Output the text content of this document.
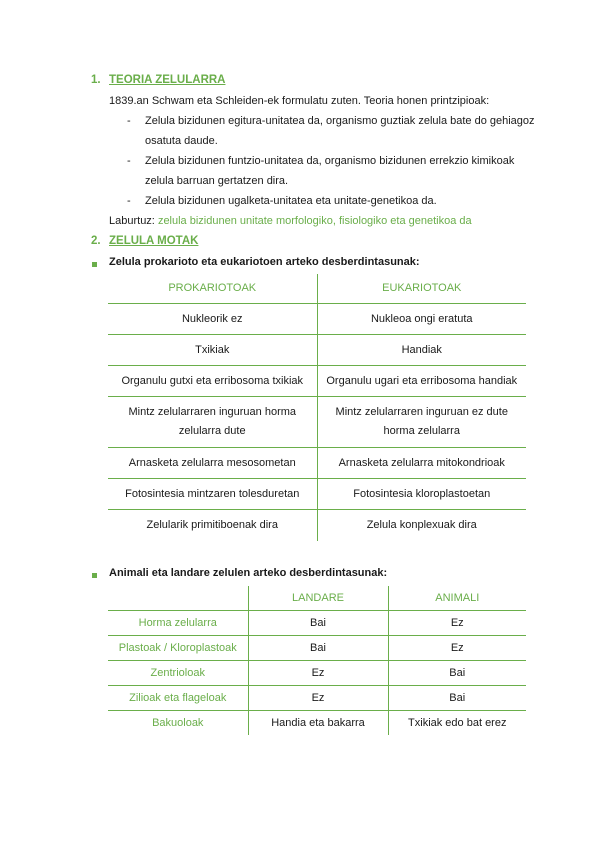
1. TEORIA ZELULARRA
1839.an Schwam eta Schleiden-ek formulatu zuten. Teoria honen printzipioak:
- Zelula bizidunen egitura-unitatea da, organismo guztiak zelula bate do gehiagoz
osatuta daude.
- Zelula bizidunen funtzio-unitatea da, organismo bizidunen errekzio kimikoak
zelula barruan gertatzen dira.
- Zelula bizidunen ugalketa-unitatea eta unitate-genetikoa da.
Laburtuz: zelula bizidunen unitate morfologiko, fisiologiko eta genetikoa da
2. ZELULA MOTAK
Zelula prokarioto eta eukariotoen arteko desberdintasunak:
PROKARIOTOAK	EUKARIOTOAK
Nukleorik ez	Nukleoa ongi eratuta
Txikiak	Handiak
Organulu gutxi eta erribosoma txikiak	Organulu ugari eta erribosoma handiak
Mintz zelularraren inguruan horma zelularra dute	Mintz zelularraren inguruan ez dute horma zelularra
Arnasketa zelularra mesosometan	Arnasketa zelularra mitokondrioak
Fotosintesia mintzaren tolesduretan	Fotosintesia kloroplastoetan
Zelularik primitiboenak dira	Zelula konplexuak dira
Animali eta landare zelulen arteko desberdintasunak:
	LANDARE	ANIMALI
Horma zelularra	Bai	Ez
Plastoak / Kloroplastoak	Bai	Ez
Zentrioloak	Ez	Bai
Zilioak eta flageloak	Ez	Bai
Bakuoloak	Handia eta bakarra	Txikiak edo bat erez
